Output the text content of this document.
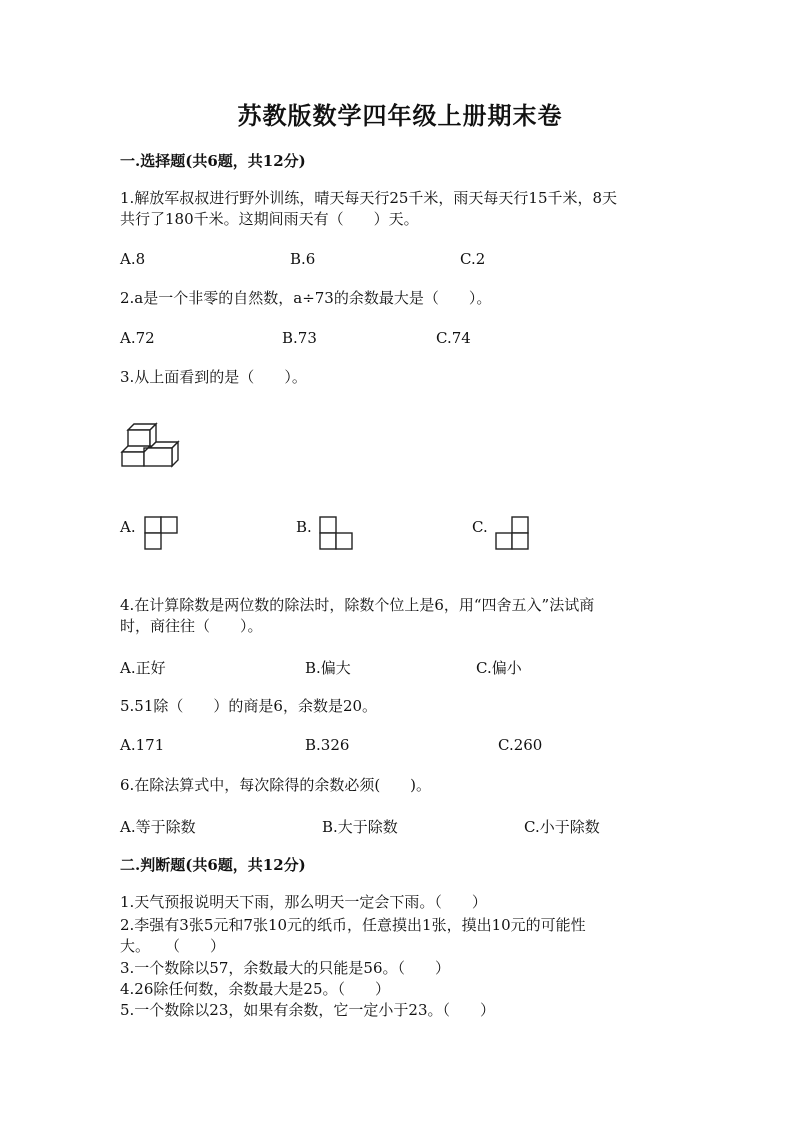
苏教版数学四年级上册期末卷
一.选择题(共6题，共12分)
1.解放军叔叔进行野外训练，晴天每天行25千米，雨天每天行15千米，8天
共行了180千米。这期间雨天有（　　）天。
A.8	B.6	C.2
2.a是一个非零的自然数，a÷73的余数最大是（　　）。
A.72	B.73	C.74
3.从上面看到的是（　　）。
A.	B.	C.
4.在计算除数是两位数的除法时，除数个位上是6，用“四舍五入”法试商
时，商往往（　　）。
A.正好	B.偏大	C.偏小
5.51除（　　）的商是6，余数是20。
A.171	B.326	C.260
6.在除法算式中，每次除得的余数必须(　　)。
A.等于除数	B.大于除数	C.小于除数
二.判断题(共6题，共12分)
1.天气预报说明天下雨，那么明天一定会下雨。（　　）
2.李强有3张5元和7张10元的纸币，任意摸出1张，摸出10元的可能性
大。　　（　　）
3.一个数除以57，余数最大的只能是56。（　　）
4.26除任何数，余数最大是25。（　　）
5.一个数除以23，如果有余数，它一定小于23。（　　）
